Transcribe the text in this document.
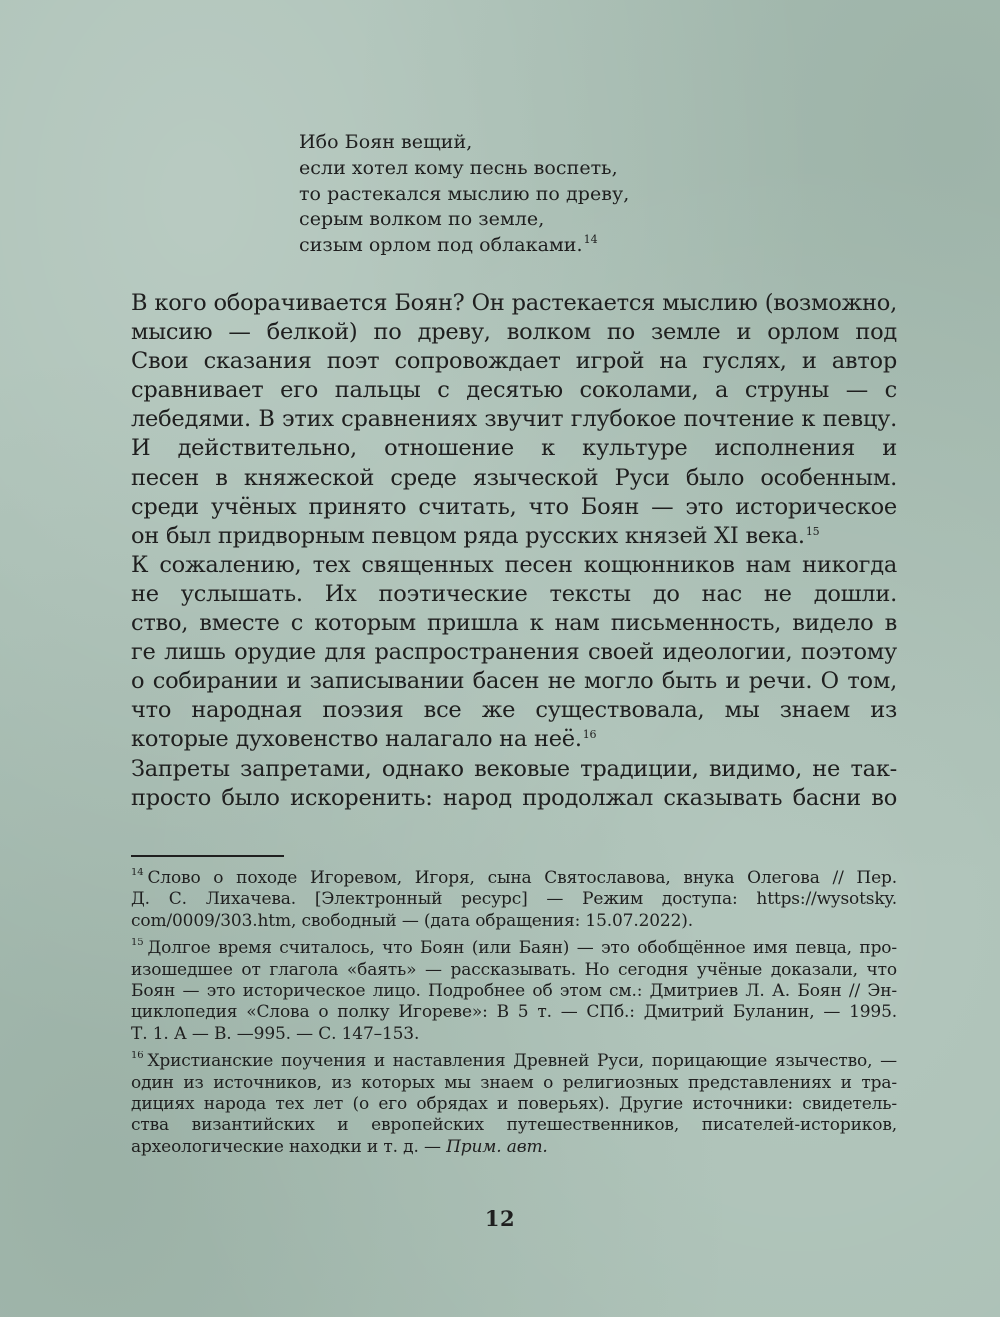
Ибо Боян вещий,
если хотел кому песнь воспеть,
то растекался мыслию по древу,
серым волком по земле,
сизым орлом под облаками.$^{14}$
В кого оборачивается Боян? Он растекается мыслию (возможно,
мысию — белкой) по древу, волком по земле и орлом под
Свои сказания поэт сопровождает игрой на гуслях, и автор
сравнивает его пальцы с десятью соколами, а струны — с
лебедями. В этих сравнениях звучит глубокое почтение к певцу.
И действительно, отношение к культуре исполнения и
песен в княжеской среде языческой Руси было особенным.
среди учёных принято считать, что Боян — это историческое
он был придворным певцом ряда русских князей XI века.$^{15}$
К сожалению, тех священных песен кощюнников нам никогда
не услышать. Их поэтические тексты до нас не дошли.
ство, вместе с которым пришла к нам письменность, видело в
ге лишь орудие для распространения своей идеологии, поэтому
о собирании и записывании басен не могло быть и речи. О том,
что народная поэзия все же существовала, мы знаем из
которые духовенство налагало на неё.$^{16}$
Запреты запретами, однако вековые традиции, видимо, не так-
просто было искоренить: народ продолжал сказывать басни во
$^{14}$ Слово о походе Игоревом, Игоря, сына Святославова, внука Олегова // Пер.
Д. С. Лихачева. [Электронный ресурс] — Режим доступа: https://wysotsky.
com/0009/303.htm, свободный — (дата обращения: 15.07.2022).
$^{15}$ Долгое время считалось, что Боян (или Баян) — это обобщённое имя певца, про-
изошедшее от глагола «баять» — рассказывать. Но сегодня учёные доказали, что
Боян — это историческое лицо. Подробнее об этом см.: Дмитриев Л. А. Боян // Эн-
циклопедия «Слова о полку Игореве»: В 5 т. — СПб.: Дмитрий Буланин, — 1995.
Т. 1. А — В. —995. — С. 147–153.
$^{16}$ Христианские поучения и наставления Древней Руси, порицающие язычество, —
один из источников, из которых мы знаем о религиозных представлениях и тра-
дициях народа тех лет (о его обрядах и поверьях). Другие источники: свидетель-
ства византийских и европейских путешественников, писателей-историков,
археологические находки и т. д. — Прим. авт.
12
